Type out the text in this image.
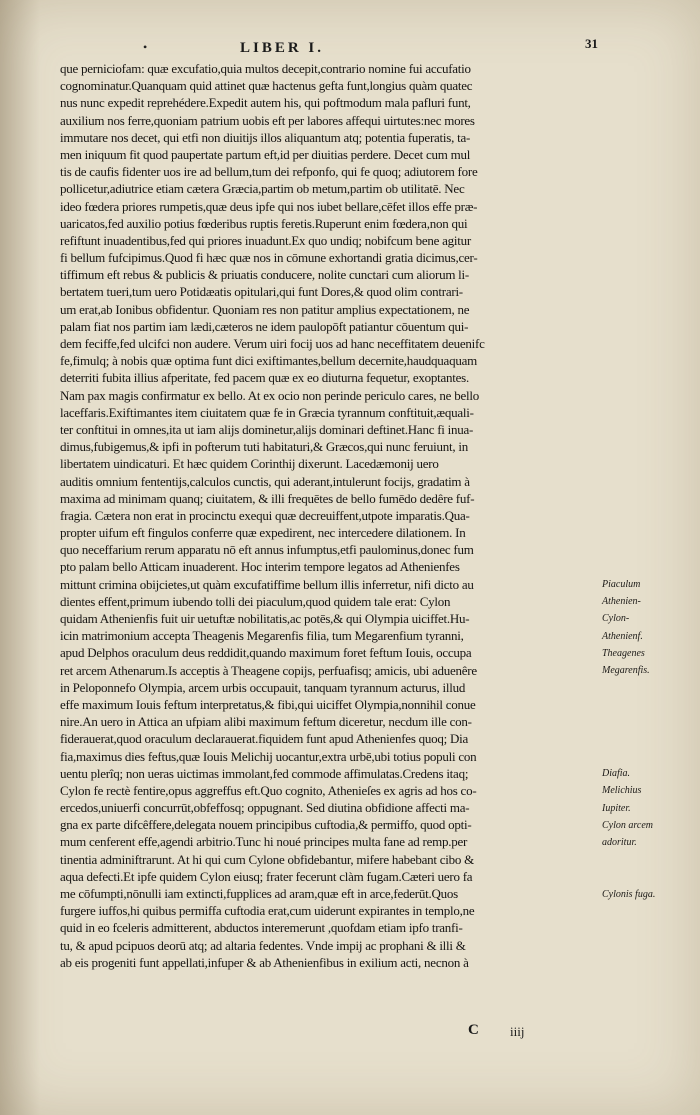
•	LIBER I.	31
que perniciofam: quæ excufatio,quia multos decepit,contrario nomine fui accufatio
cognominatur.Quanquam quid attinet quæ hactenus gefta funt,longius quàm quatec
nus nunc expedit reprehédere.Expedit autem his, qui poftmodum mala pafluri funt,
auxilium nos ferre,quoniam patrium uobis eft per labores affequi uirtutes:nec mores
immutare nos decet, qui etfi non diuitijs illos aliquantum atq; potentia fuperatis, ta-
men iniquum fit quod paupertate partum eft,id per diuitias perdere. Decet cum mul
tis de caufis fidenter uos ire ad bellum,tum dei refponfo, qui fe quoq; adiutorem fore
pollicetur,adiutrice etiam cætera Græcia,partim ob metum,partim ob utilitatē. Nec
ideo fœdera priores rumpetis,quæ deus ipfe qui nos iubet bellare,cēfet illos effe præ-
uaricatos,fed auxilio potius fœderibus ruptis feretis.Ruperunt enim fœdera,non qui
refiftunt inuadentibus,fed qui priores inuadunt.Ex quo undiq; nobifcum bene agitur
fi bellum fufcipimus.Quod fi hæc quæ nos in cōmune exhortandi gratia dicimus,cer-
tiffimum eft rebus & publicis & priuatis conducere, nolite cunctari cum aliorum li-
bertatem tueri,tum uero Potidæatis opitulari,qui funt Dores,& quod olim contrari-
um erat,ab Ionibus obfidentur. Quoniam res non patitur amplius expectationem, ne
palam fiat nos partim iam lædi,cæteros ne idem paulopōft patiantur cōuentum qui-
dem feciffe,fed ulcifci non audere. Verum uiri focij uos ad hanc neceffitatem deuenifc
fe,fimulq; à nobis quæ optima funt dici exiftimantes,bellum decernite,haudquaquam
deterriti fubita illius afperitate, fed pacem quæ ex eo diuturna fequetur, exoptantes.
Nam pax magis confirmatur ex bello. At ex ocio non perinde periculo cares, ne bello
laceffaris.Exiftimantes item ciuitatem quæ fe in Græcia tyrannum conftituit,æquali-
ter conftitui in omnes,ita ut iam alijs dominetur,alijs dominari deftinet.Hanc fi inua-
dimus,fubigemus,& ipfi in pofterum tuti habitaturi,& Græcos,qui nunc feruiunt, in
libertatem uindicaturi. Et hæc quidem Corinthij dixerunt. Lacedæmonij uero
auditis omnium fententijs,calculos cunctis, qui aderant,intulerunt focijs, gradatim à
maxima ad minimam quanq; ciuitatem, & illi frequētes de bello fumēdo dedêre fuf-
fragia. Cætera non erat in procinctu exequi quæ decreuiffent,utpote imparatis.Qua-
propter uifum eft fingulos conferre quæ expedirent, nec intercedere dilationem. In
quo neceffarium rerum apparatu nō eft annus infumptus,etfi paulominus,donec fum
pto palam bello Atticam inuaderent. Hoc interim tempore legatos ad Athenienfes
mittunt crimina obijcietes,ut quàm excufatiffime bellum illis inferretur, nifi dicto au
dientes effent,primum iubendo tolli dei piaculum,quod quidem tale erat: Cylon
quidam Athenienfis fuit uir uetuftæ nobilitatis,ac potēs,& qui Olympia uiciffet.Hu-
icin matrimonium accepta Theagenis Megarenfis filia, tum Megarenfium tyranni,
apud Delphos oraculum deus reddidit,quando maximum foret feftum Iouis, occupa
ret arcem Athenarum.Is acceptis à Theagene copijs, perfuafisq; amicis, ubi aduenêre
in Peloponnefo Olympia, arcem urbis occupauit, tanquam tyrannum acturus, illud
effe maximum Iouis feftum interpretatus,& fibi,qui uiciffet Olympia,nonnihil conue
nire.An uero in Attica an ufpiam alibi maximum feftum diceretur, necdum ille con-
fiderauerat,quod oraculum declarauerat.fiquidem funt apud Athenienfes quoq; Dia
fia,maximus dies feftus,quæ Iouis Melichij uocantur,extra urbē,ubi totius populi con
uentu plerîq; non ueras uictimas immolant,fed commode affimulatas.Credens itaq;
Cylon fe rectè fentire,opus aggreffus eft.Quo cognito, Athenieſes ex agris ad hos co-
ercedos,uniuerfi concurrūt,obfeffosq; oppugnant. Sed diutina obfidione affecti ma-
gna ex parte difcêffere,delegata nouem principibus cuftodia,& permiffo, quod opti-
mum cenferent effe,agendi arbitrio.Tunc hi noué principes multa fane ad remp.per
tinentia adminiftrarunt. At hi qui cum Cylone obfidebantur, mifere habebant cibo &
aqua defecti.Et ipfe quidem Cylon eiusq; frater fecerunt clàm fugam.Cæteri uero fa
me cōfumpti,nōnulli iam extincti,fupplices ad aram,quæ eft in arce,federūt.Quos
furgere iuffos,hi quibus permiffa cuftodia erat,cum uiderunt expirantes in templo,ne
quid in eo fceleris admitterent, abductos interemerunt ,quofdam etiam ipfo tranfi-
tu, & apud pcipuos deorū atq; ad altaria fedentes. Vnde impij ac prophani & illi &
ab eis progeniti funt appellati,infuper & ab Athenienfibus in exilium acti, necnon à
Piaculum
Athenien-
Cylon-
Athenienf.
Theagenes
Megarenfis.
Diafia.
Melichius
Iupiter.
Cylon arcem
adoritur.
Cylonis fuga.
C iiij
